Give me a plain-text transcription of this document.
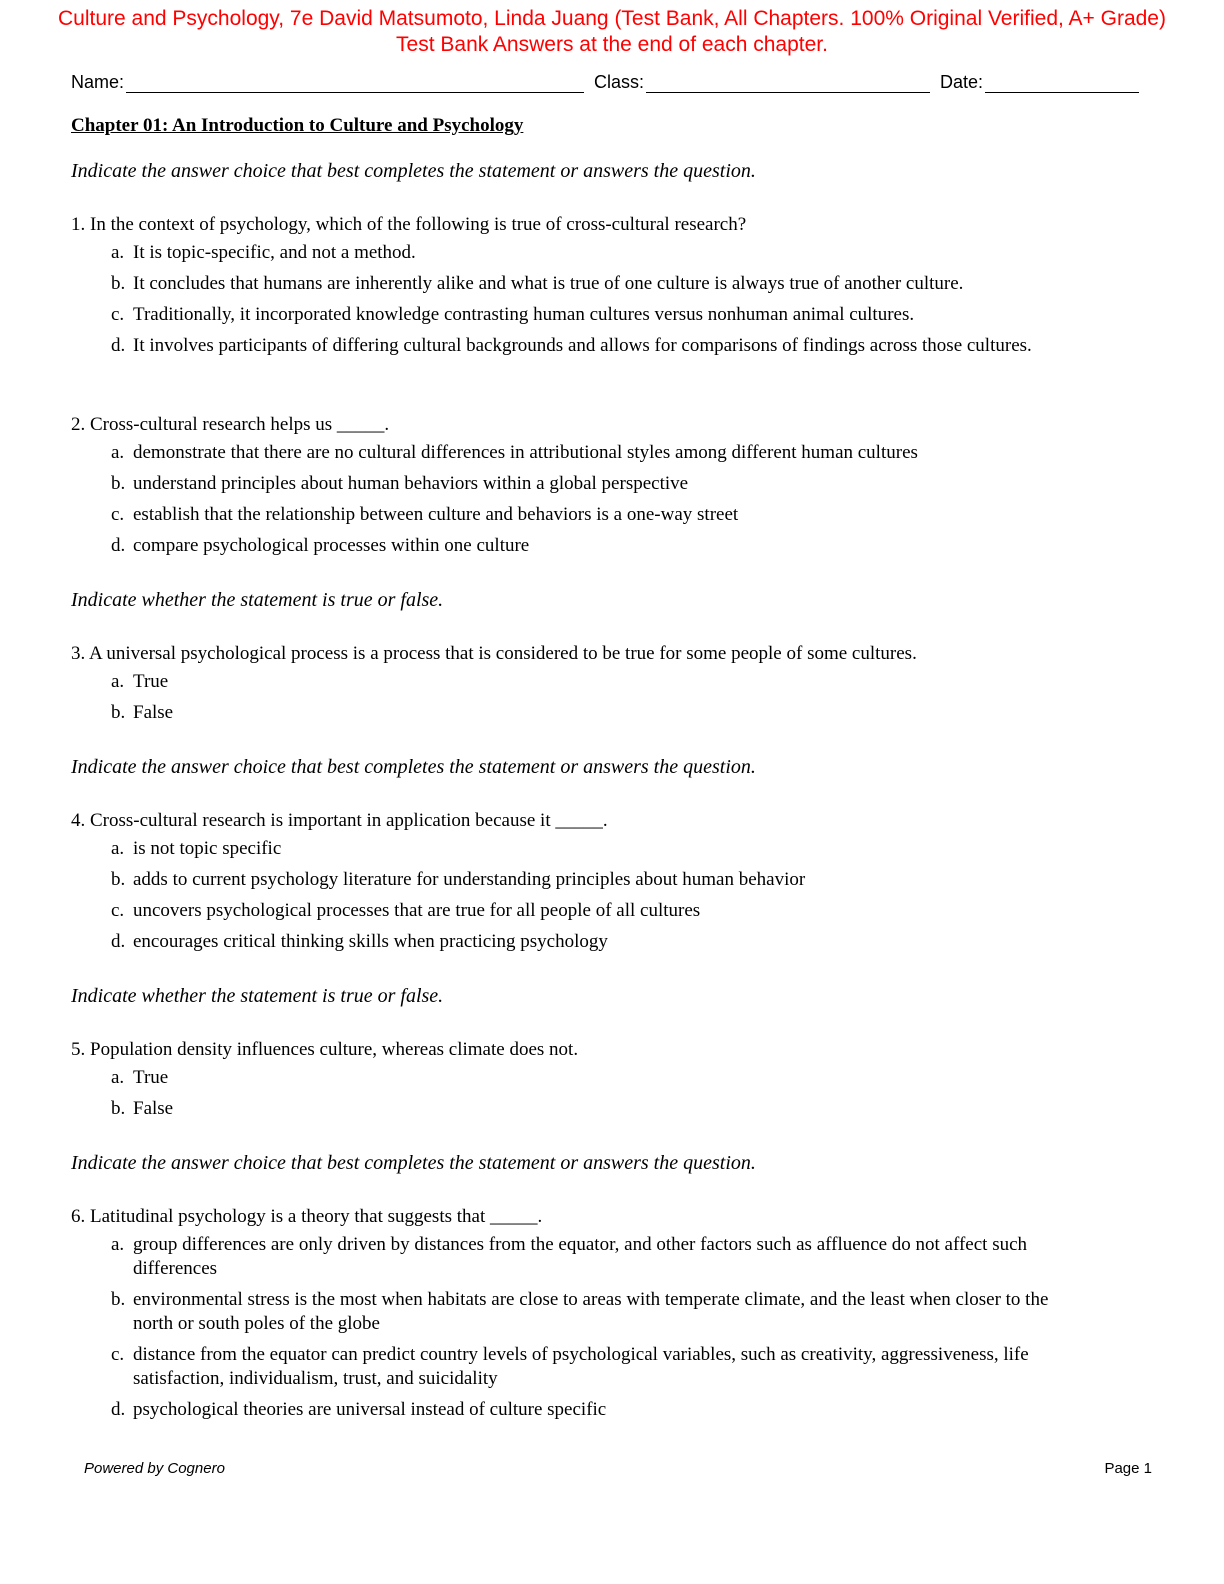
Culture and Psychology, 7e David Matsumoto, Linda Juang (Test Bank, All Chapters. 100% Original Verified, A+ Grade)
Test Bank Answers at the end of each chapter.
Name:	Class:	Date:
Chapter 01: An Introduction to Culture and Psychology
Indicate the answer choice that best completes the statement or answers the question.
1. In the context of psychology, which of the following is true of cross-cultural research?
a. It is topic-specific, and not a method.
b. It concludes that humans are inherently alike and what is true of one culture is always true of another culture.
c. Traditionally, it incorporated knowledge contrasting human cultures versus nonhuman animal cultures.
d. It involves participants of differing cultural backgrounds and allows for comparisons of findings across those cultures.
2. Cross-cultural research helps us _____.
a. demonstrate that there are no cultural differences in attributional styles among different human cultures
b. understand principles about human behaviors within a global perspective
c. establish that the relationship between culture and behaviors is a one-way street
d. compare psychological processes within one culture
Indicate whether the statement is true or false.
3. A universal psychological process is a process that is considered to be true for some people of some cultures.
a. True
b. False
Indicate the answer choice that best completes the statement or answers the question.
4. Cross-cultural research is important in application because it _____.
a. is not topic specific
b. adds to current psychology literature for understanding principles about human behavior
c. uncovers psychological processes that are true for all people of all cultures
d. encourages critical thinking skills when practicing psychology
Indicate whether the statement is true or false.
5. Population density influences culture, whereas climate does not.
a. True
b. False
Indicate the answer choice that best completes the statement or answers the question.
6. Latitudinal psychology is a theory that suggests that _____.
a. group differences are only driven by distances from the equator, and other factors such as affluence do not affect such differences
b. environmental stress is the most when habitats are close to areas with temperate climate, and the least when closer to the north or south poles of the globe
c. distance from the equator can predict country levels of psychological variables, such as creativity, aggressiveness, life satisfaction, individualism, trust, and suicidality
d. psychological theories are universal instead of culture specific
Powered by Cognero	Page 1
